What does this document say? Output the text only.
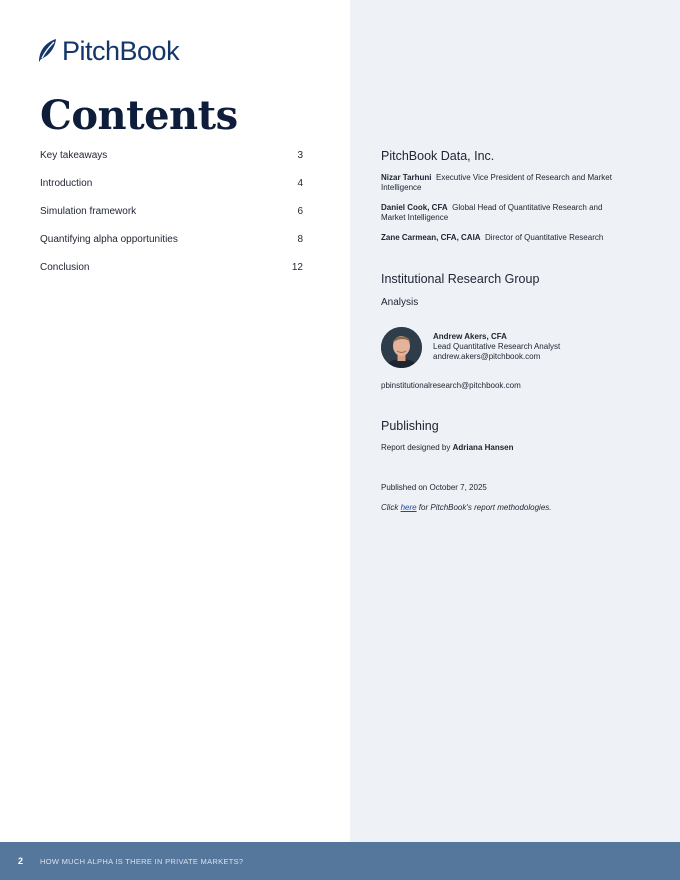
PitchBook
Contents
Key takeaways	3
Introduction	4
Simulation framework	6
Quantifying alpha opportunities	8
Conclusion	12
PitchBook Data, Inc.
Nizar Tarhuni Executive Vice President of Research and Market Intelligence
Daniel Cook, CFA Global Head of Quantitative Research and Market Intelligence
Zane Carmean, CFA, CAIA Director of Quantitative Research
Institutional Research Group
Analysis
Andrew Akers, CFA
Lead Quantitative Research Analyst
andrew.akers@pitchbook.com
pbinstitutionalresearch@pitchbook.com
Publishing
Report designed by Adriana Hansen
Published on October 7, 2025
Click here for PitchBook's report methodologies.
2 HOW MUCH ALPHA IS THERE IN PRIVATE MARKETS?
